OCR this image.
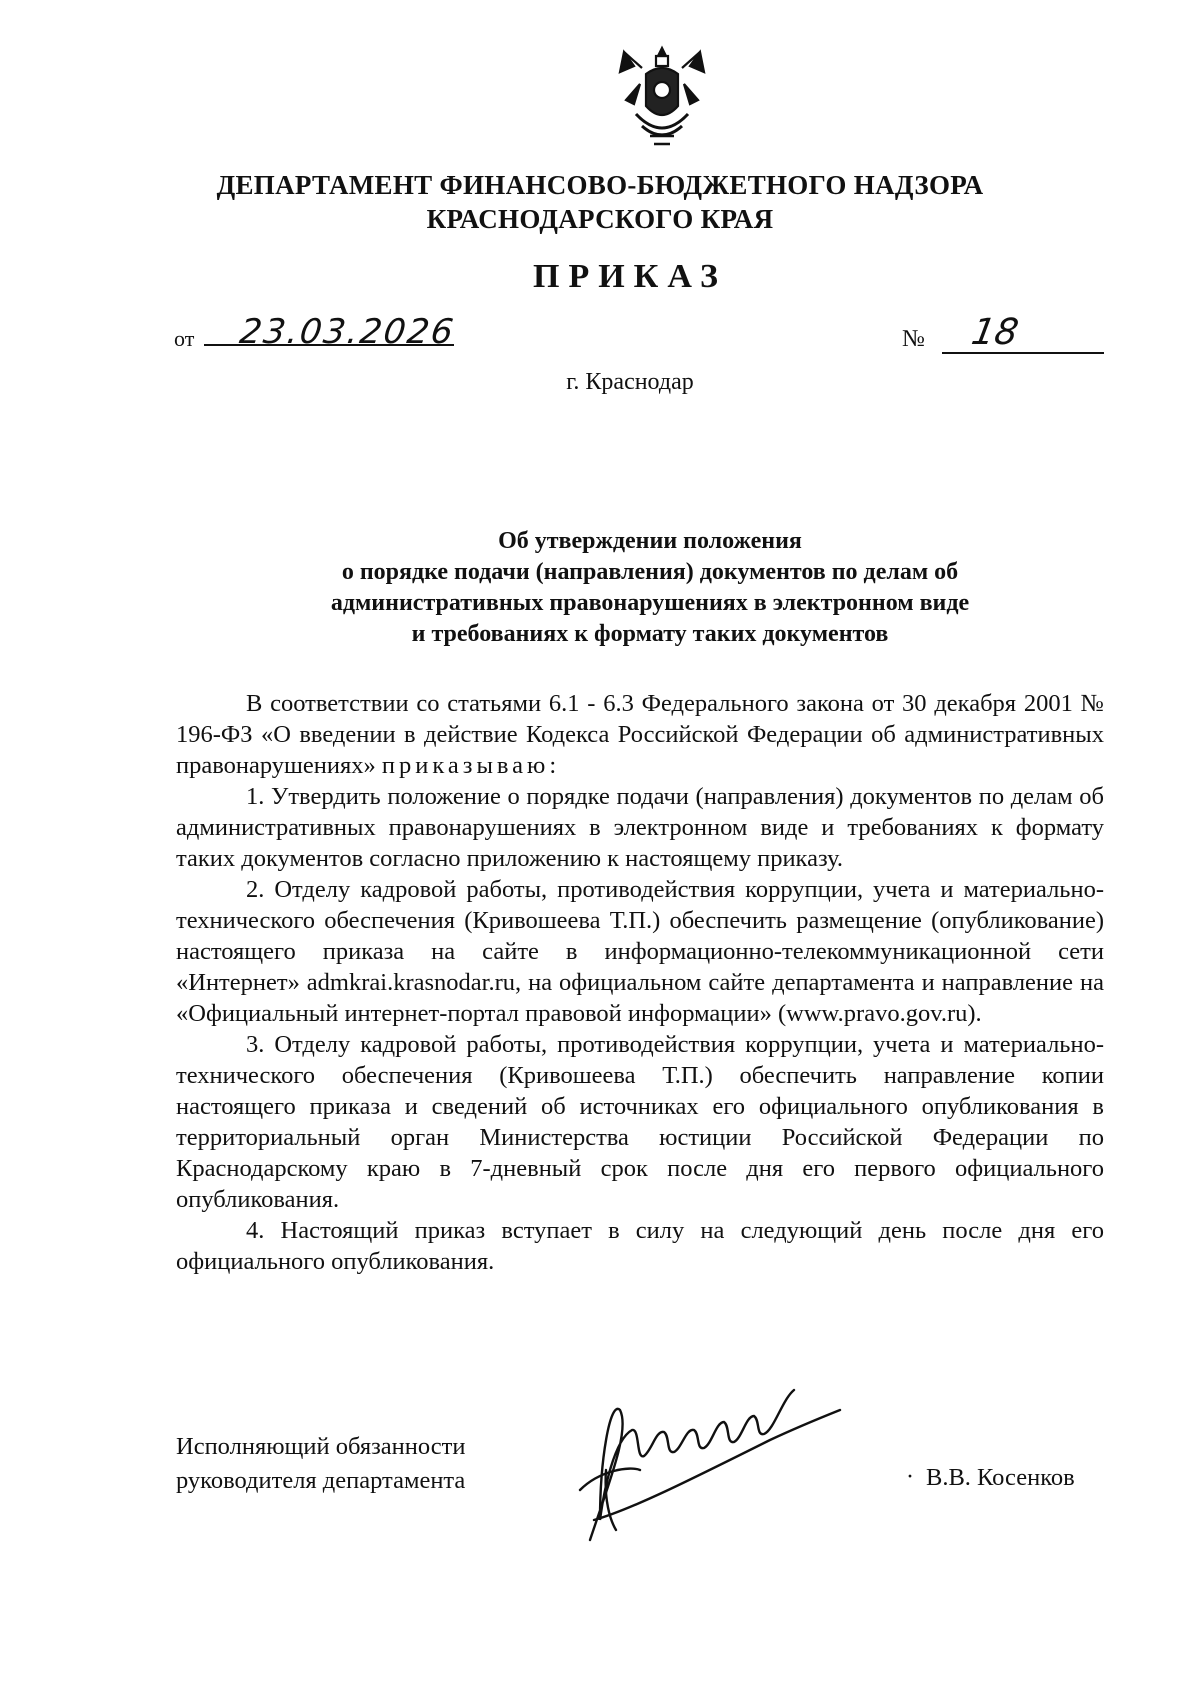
ДЕПАРТАМЕНТ ФИНАНСОВО-БЮДЖЕТНОГО НАДЗОРА
КРАСНОДАРСКОГО КРАЯ
ПРИКАЗ
от 23.03.2026	№ 18
г. Краснодар
Об утверждении положения
о порядке подачи (направления) документов по делам об
административных правонарушениях в электронном виде
и требованиях к формату таких документов

В соответствии со статьями 6.1 - 6.3 Федерального закона от 30 декабря 2001 № 196-ФЗ «О введении в действие Кодекса Российской Федерации об административных правонарушениях» приказываю:

1. Утвердить положение о порядке подачи (направления) документов по делам об административных правонарушениях в электронном виде и требованиях к формату таких документов согласно приложению к настоящему приказу.

2. Отделу кадровой работы, противодействия коррупции, учета и материально-технического обеспечения (Кривошеева Т.П.) обеспечить размещение (опубликование) настоящего приказа на сайте в информационно-телекоммуникационной сети «Интернет» admkrai.krasnodar.ru, на официальном сайте департамента и направление на «Официальный интернет-портал правовой информации» (www.pravo.gov.ru).

3. Отделу кадровой работы, противодействия коррупции, учета и материально-технического обеспечения (Кривошеева Т.П.) обеспечить направление копии настоящего приказа и сведений об источниках его официального опубликования в территориальный орган Министерства юстиции Российской Федерации по Краснодарскому краю в 7-дневный срок после дня его первого официального опубликования.

4. Настоящий приказ вступает в силу на следующий день после дня его официального опубликования.

Исполняющий обязанности
руководителя департамента	· В.В. Косенков
